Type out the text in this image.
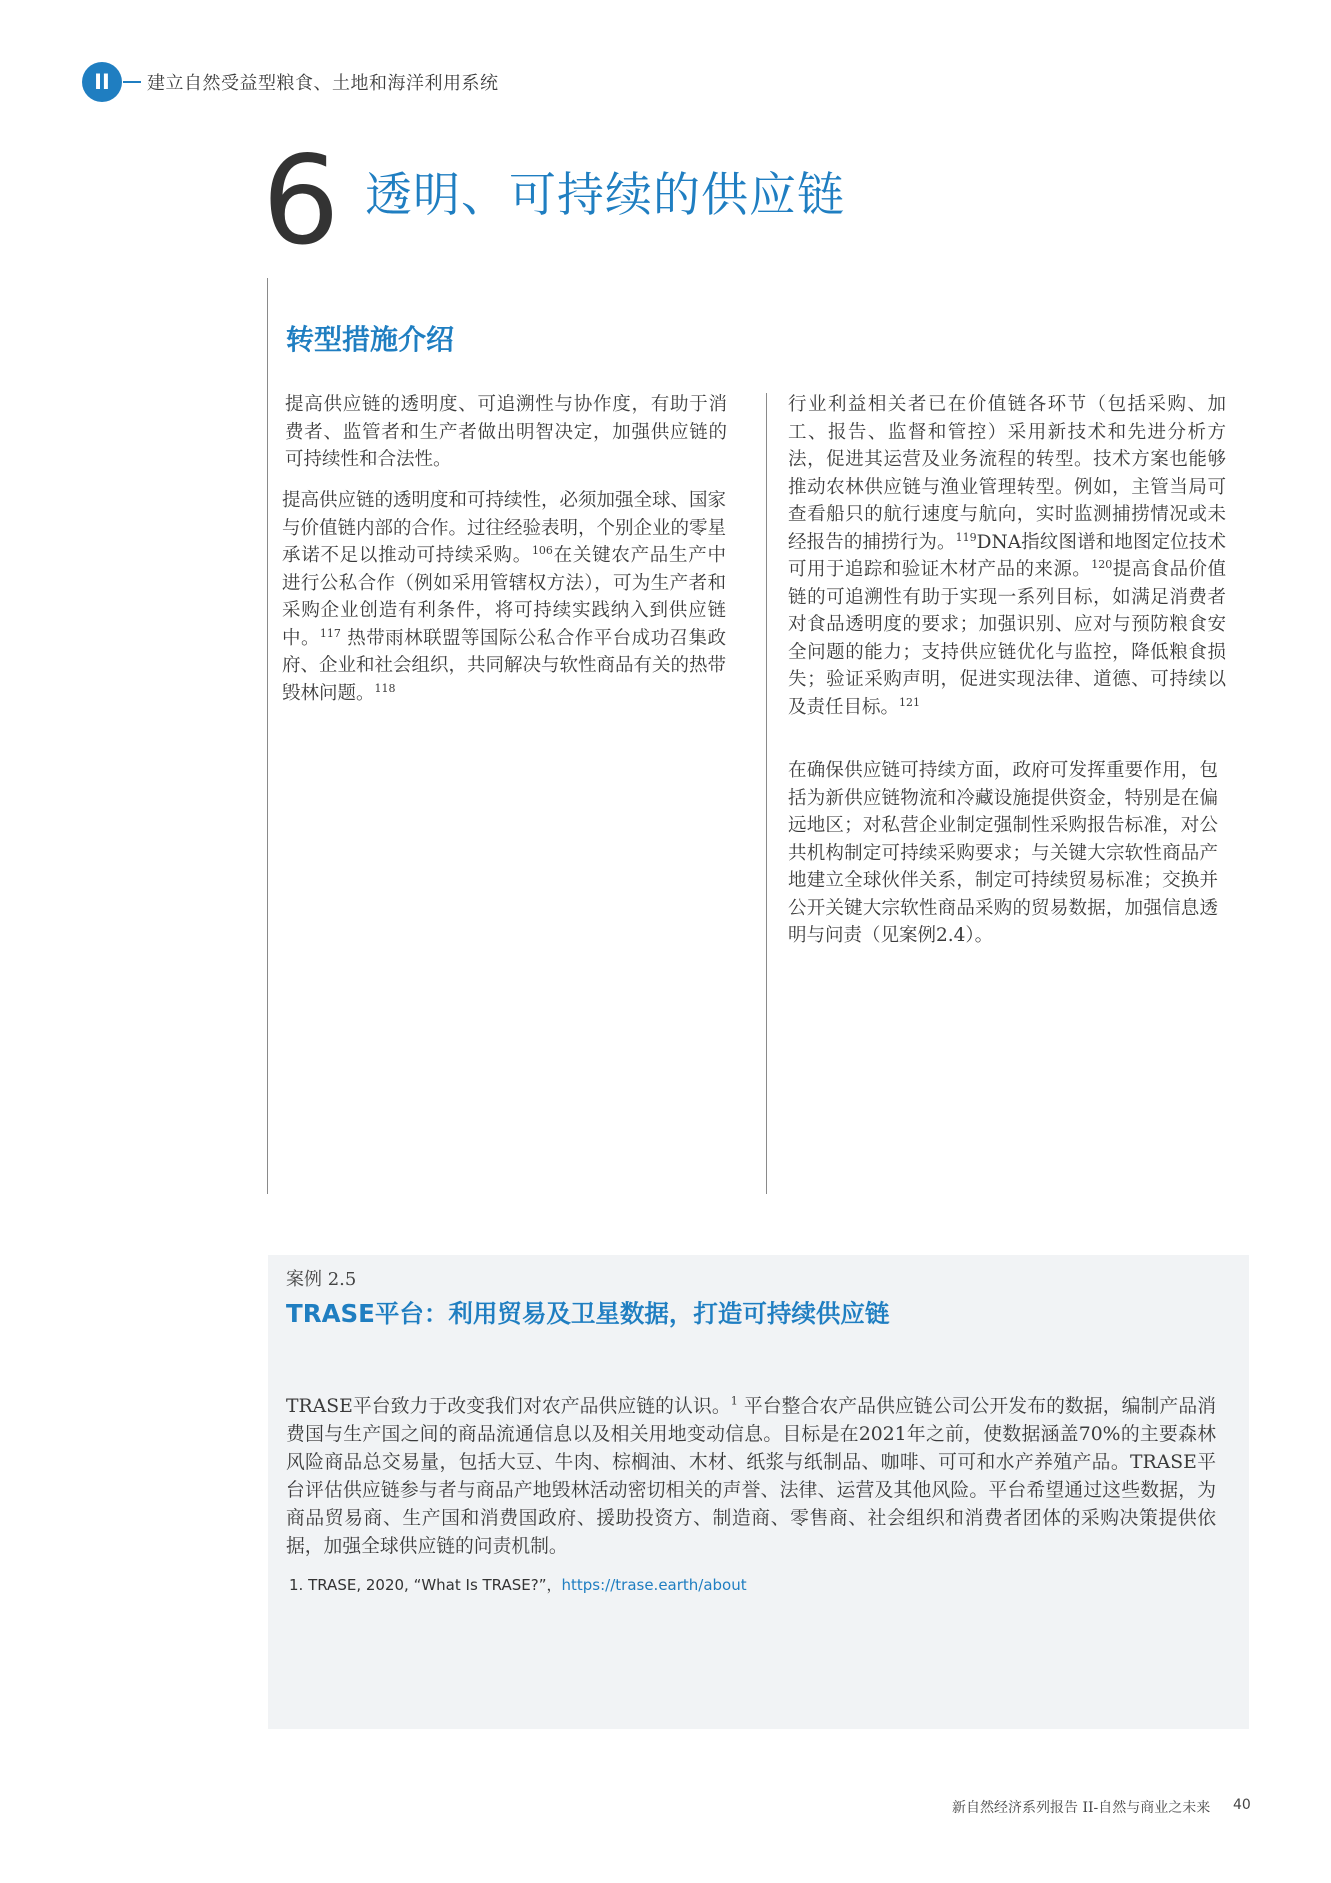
II	建立自然受益型粮食、土地和海洋利用系统
6 透明、可持续的供应链
转型措施介绍

提高供应链的透明度、可追溯性与协作度，有助于消费者、监管者和生产者做出明智决定，加强供应链的可持续性和合法性。

提高供应链的透明度和可持续性，必须加强全球、国家与价值链内部的合作。过往经验表明，个别企业的零星承诺不足以推动可持续采购。$^{106}$在关键农产品生产中进行公私合作（例如采用管辖权方法），可为生产者和采购企业创造有利条件，将可持续实践纳入到供应链中。$^{117}$ 热带雨林联盟等国际公私合作平台成功召集政府、企业和社会组织，共同解决与软性商品有关的热带毁林问题。$^{118}$

行业利益相关者已在价值链各环节（包括采购、加工、报告、监督和管控）采用新技术和先进分析方法，促进其运营及业务流程的转型。技术方案也能够推动农林供应链与渔业管理转型。例如，主管当局可查看船只的航行速度与航向，实时监测捕捞情况或未经报告的捕捞行为。$^{119}$DNA指纹图谱和地图定位技术可用于追踪和验证木材产品的来源。$^{120}$提高食品价值链的可追溯性有助于实现一系列目标，如满足消费者对食品透明度的要求；加强识别、应对与预防粮食安全问题的能力；支持供应链优化与监控，降低粮食损失；验证采购声明，促进实现法律、道德、可持续以及责任目标。$^{121}$

在确保供应链可持续方面，政府可发挥重要作用，包括为新供应链物流和冷藏设施提供资金，特别是在偏远地区；对私营企业制定强制性采购报告标准，对公共机构制定可持续采购要求；与关键大宗软性商品产地建立全球伙伴关系，制定可持续贸易标准；交换并公开关键大宗软性商品采购的贸易数据，加强信息透明与问责（见案例2.4）。

案例 2.5
TRASE平台：利用贸易及卫星数据，打造可持续供应链

TRASE平台致力于改变我们对农产品供应链的认识。$^1$ 平台整合农产品供应链公司公开发布的数据，编制产品消费国与生产国之间的商品流通信息以及相关用地变动信息。目标是在2021年之前，使数据涵盖70%的主要森林风险商品总交易量，包括大豆、牛肉、棕榈油、木材、纸浆与纸制品、咖啡、可可和水产养殖产品。TRASE平台评估供应链参与者与商品产地毁林活动密切相关的声誉、法律、运营及其他风险。平台希望通过这些数据，为商品贸易商、生产国和消费国政府、援助投资方、制造商、零售商、社会组织和消费者团体的采购决策提供依据，加强全球供应链的问责机制。

1. TRASE, 2020, “What Is TRASE?”，https://trase.earth/about
新自然经济系列报告 II-自然与商业之未来 40
